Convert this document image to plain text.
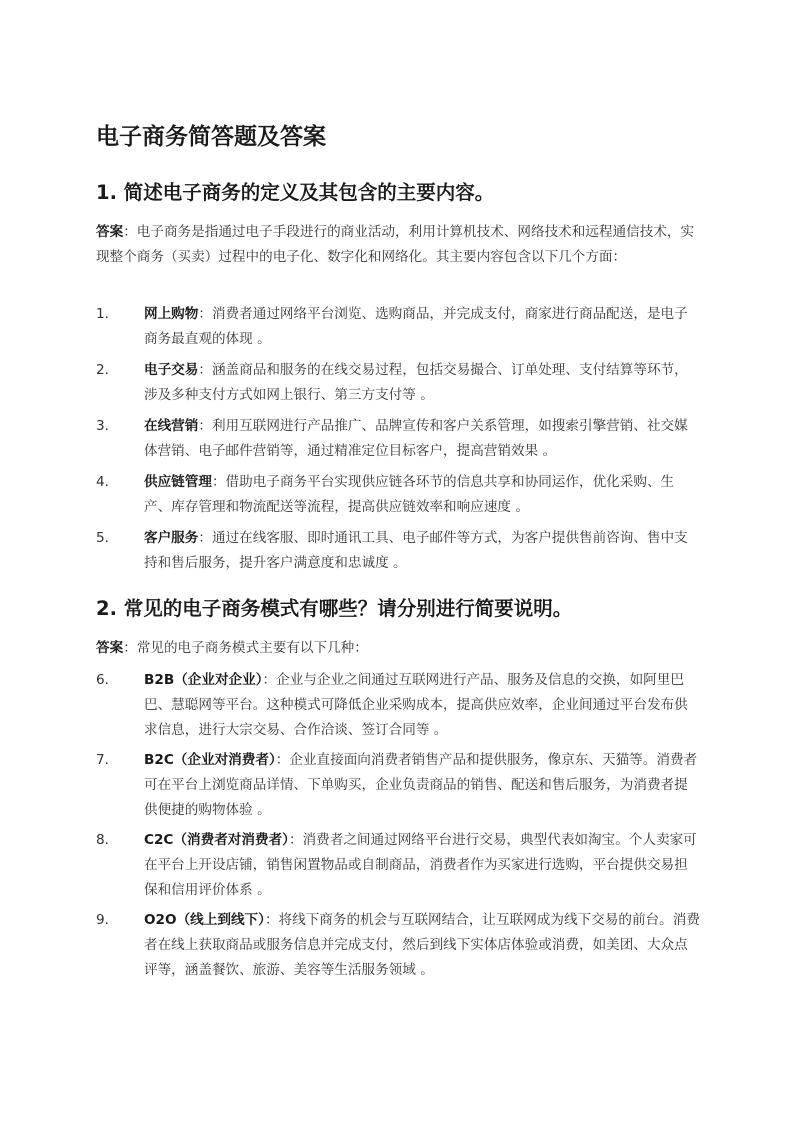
电子商务简答题及答案
1. 简述电子商务的定义及其包含的主要内容。

答案：电子商务是指通过电子手段进行的商业活动，利用计算机技术、网络技术和远程通信技术，实现整个商务（买卖）过程中的电子化、数字化和网络化。其主要内容包含以下几个方面：

1.	网上购物：消费者通过网络平台浏览、选购商品，并完成支付，商家进行商品配送，是电子商务最直观的体现 。

2.	电子交易：涵盖商品和服务的在线交易过程，包括交易撮合、订单处理、支付结算等环节，涉及多种支付方式如网上银行、第三方支付等 。

3.	在线营销：利用互联网进行产品推广、品牌宣传和客户关系管理，如搜索引擎营销、社交媒体营销、电子邮件营销等，通过精准定位目标客户，提高营销效果 。

4.	供应链管理：借助电子商务平台实现供应链各环节的信息共享和协同运作，优化采购、生产、库存管理和物流配送等流程，提高供应链效率和响应速度 。

5.	客户服务：通过在线客服、即时通讯工具、电子邮件等方式，为客户提供售前咨询、售中支持和售后服务，提升客户满意度和忠诚度 。

2. 常见的电子商务模式有哪些？请分别进行简要说明。

答案：常见的电子商务模式主要有以下几种：

6.	B2B（企业对企业）：企业与企业之间通过互联网进行产品、服务及信息的交换，如阿里巴巴、慧聪网等平台。这种模式可降低企业采购成本，提高供应效率，企业间通过平台发布供求信息，进行大宗交易、合作洽谈、签订合同等 。

7.	B2C（企业对消费者）：企业直接面向消费者销售产品和提供服务，像京东、天猫等。消费者可在平台上浏览商品详情、下单购买，企业负责商品的销售、配送和售后服务，为消费者提供便捷的购物体验 。

8.	C2C（消费者对消费者）：消费者之间通过网络平台进行交易，典型代表如淘宝。个人卖家可在平台上开设店铺，销售闲置物品或自制商品，消费者作为买家进行选购，平台提供交易担保和信用评价体系 。

9.	O2O（线上到线下）：将线下商务的机会与互联网结合，让互联网成为线下交易的前台。消费者在线上获取商品或服务信息并完成支付，然后到线下实体店体验或消费，如美团、大众点评等，涵盖餐饮、旅游、美容等生活服务领域 。
